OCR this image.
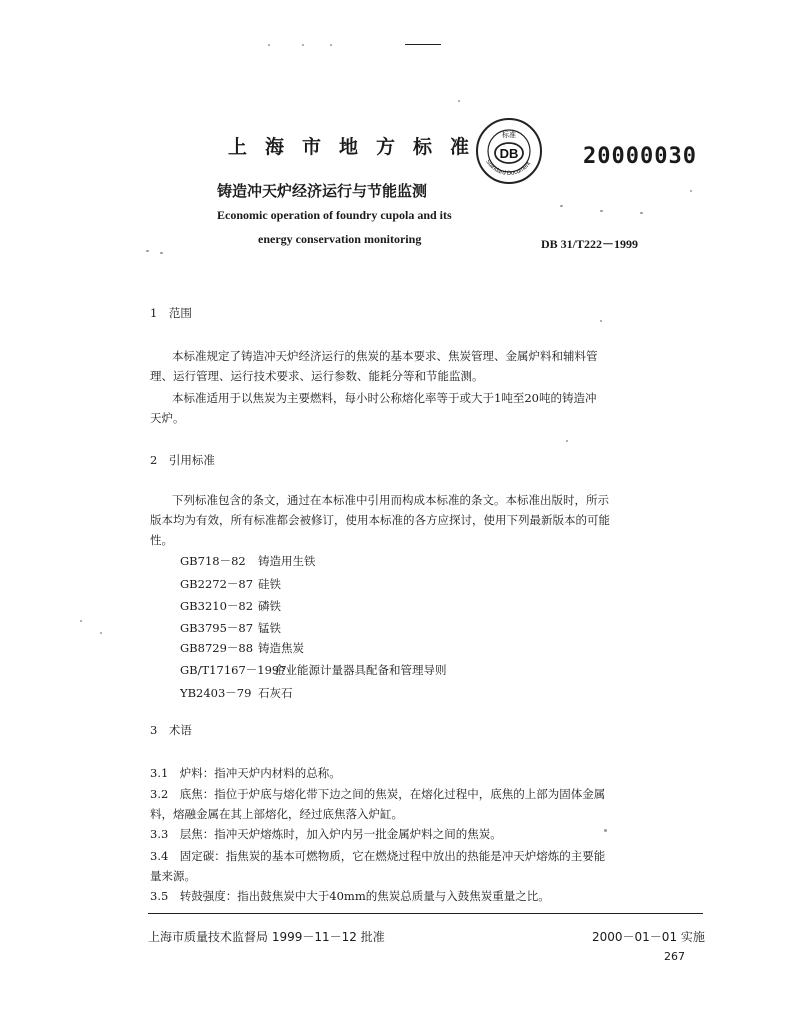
上海市地方标准 DB
标准
Standard Document 20000030
铸造冲天炉经济运行与节能监测
Economic operation of foundry cupola and its
energy conservation monitoring	DB 31/T222－1999
1　范围
本标准规定了铸造冲天炉经济运行的焦炭的基本要求、焦炭管理、金属炉料和辅料管
理、运行管理、运行技术要求、运行参数、能耗分等和节能监测。
本标准适用于以焦炭为主要燃料，每小时公称熔化率等于或大于1吨至20吨的铸造冲
天炉。
2　引用标准
下列标准包含的条文，通过在本标准中引用而构成本标准的条文。本标准出版时，所示
版本均为有效，所有标准都会被修订，使用本标准的各方应探讨，使用下列最新版本的可能
性。
GB718－82 铸造用生铁
GB2272－87 硅铁
GB3210－82 磷铁
GB3795－87 锰铁
GB8729－88 铸造焦炭
GB/T17167－1997企业能源计量器具配备和管理导则
YB2403－79 石灰石
3　术语
3.1　炉料：指冲天炉内材料的总称。
3.2　底焦：指位于炉底与熔化带下边之间的焦炭，在熔化过程中，底焦的上部为固体金属
料，熔融金属在其上部熔化，经过底焦落入炉缸。
3.3　层焦：指冲天炉熔炼时，加入炉内另一批金属炉料之间的焦炭。
3.4　固定碳：指焦炭的基本可燃物质，它在燃烧过程中放出的热能是冲天炉熔炼的主要能
量来源。
3.5　转鼓强度：指出鼓焦炭中大于40mm的焦炭总质量与入鼓焦炭重量之比。
上海市质量技术监督局 1999－11－12 批准	2000－01－01 实施
267
